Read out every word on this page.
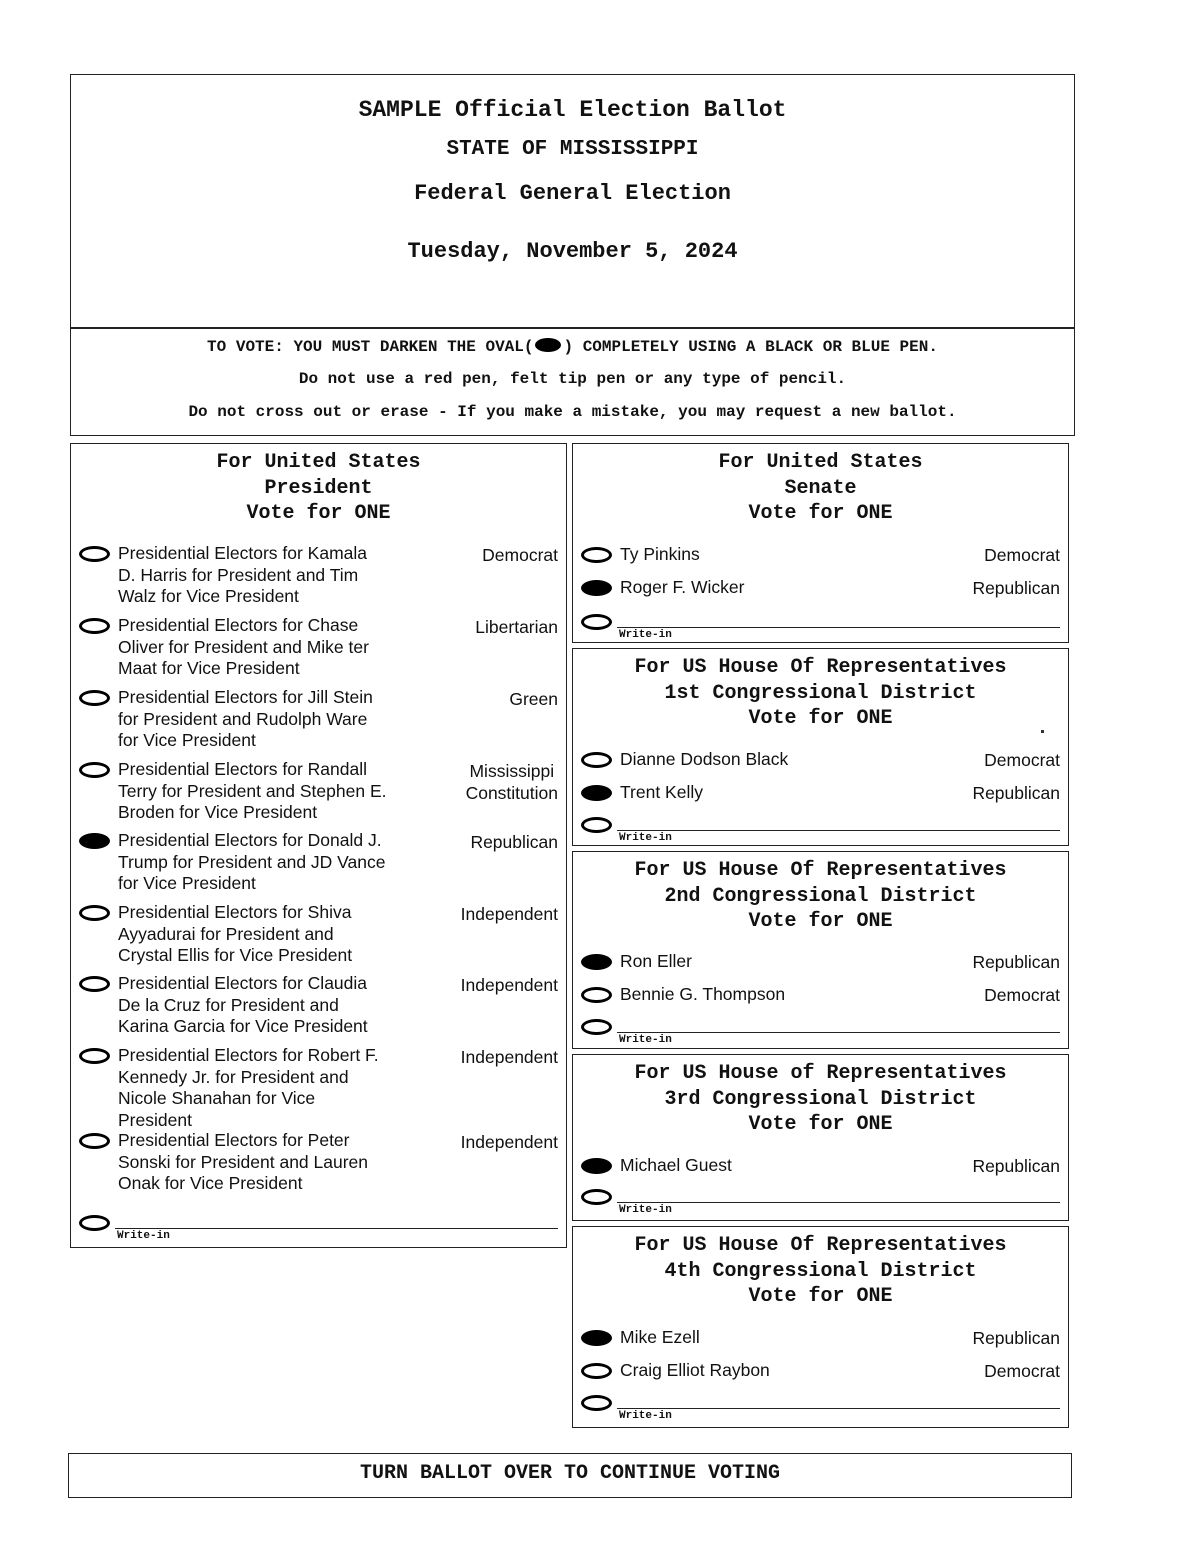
SAMPLE Official Election Ballot
STATE OF MISSISSIPPI
Federal General Election
Tuesday, November 5, 2024
TO VOTE: YOU MUST DARKEN THE OVAL( ) COMPLETELY USING A BLACK OR BLUE PEN.
Do not use a red pen, felt tip pen or any type of pencil.
Do not cross out or erase - If you make a mistake, you may request a new ballot.
For United States
President
Vote for ONE
Presidential Electors for Kamala
D. Harris for President and Tim
Walz for Vice President
Democrat
Presidential Electors for Chase
Oliver for President and Mike ter
Maat for Vice President
Libertarian
Presidential Electors for Jill Stein
for President and Rudolph Ware
for Vice President
Green
Presidential Electors for Randall
Terry for President and Stephen E.
Broden for Vice President
Mississippi
Constitution
Presidential Electors for Donald J.
Trump for President and JD Vance
for Vice President
Republican
Presidential Electors for Shiva
Ayyadurai for President and
Crystal Ellis for Vice President
Independent
Presidential Electors for Claudia
De la Cruz for President and
Karina Garcia for Vice President
Independent
Presidential Electors for Robert F.
Kennedy Jr. for President and
Nicole Shanahan for Vice
President
Independent
Presidential Electors for Peter
Sonski for President and Lauren
Onak for Vice President
Independent
Write-in
For United States
Senate
Vote for ONE
Ty Pinkins	Democrat
Roger F. Wicker	Republican
Write-in
For US House Of Representatives
1st Congressional District
Vote for ONE
Dianne Dodson Black	Democrat
Trent Kelly	Republican
Write-in
For US House Of Representatives
2nd Congressional District
Vote for ONE
Ron Eller	Republican
Bennie G. Thompson	Democrat
Write-in
For US House of Representatives
3rd Congressional District
Vote for ONE
Michael Guest	Republican
Write-in
For US House Of Representatives
4th Congressional District
Vote for ONE
Mike Ezell	Republican
Craig Elliot Raybon	Democrat
Write-in
TURN BALLOT OVER TO CONTINUE VOTING
